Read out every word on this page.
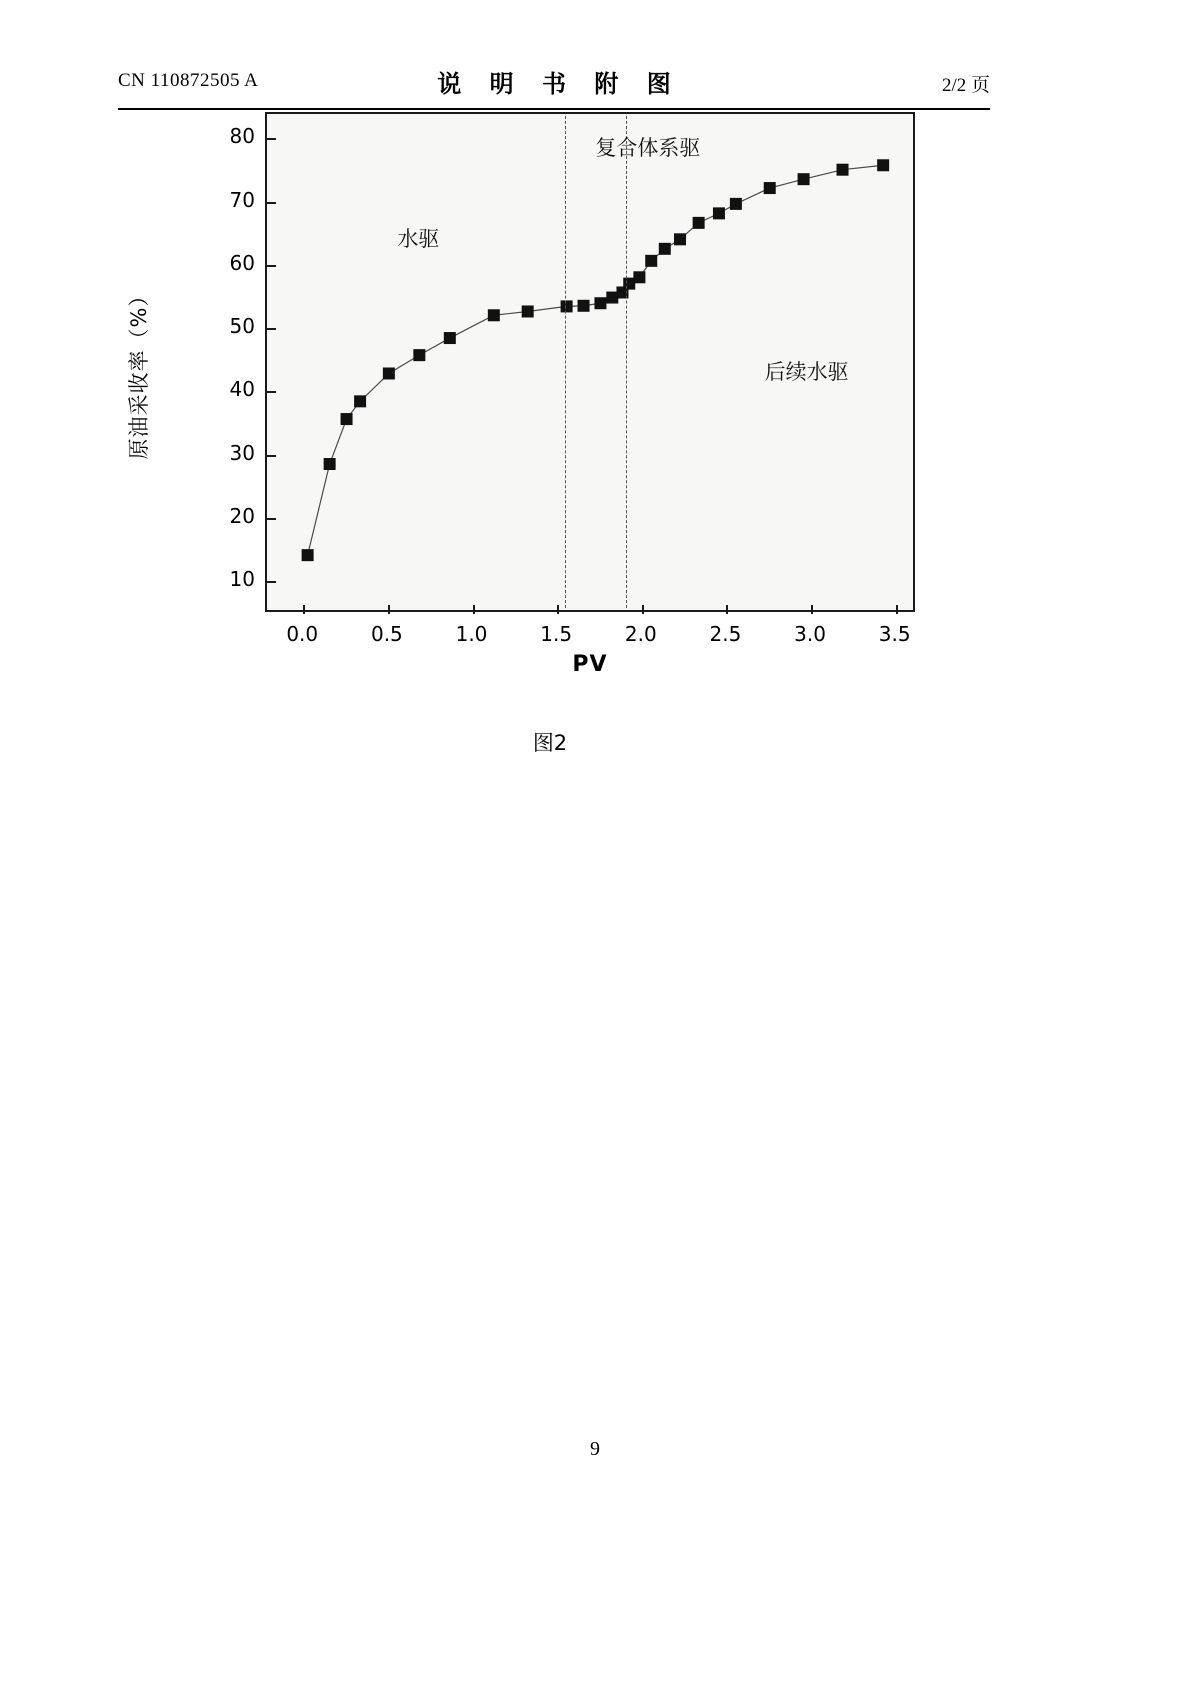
CN 110872505 A	说 明 书 附 图	2/2 页
原油采收率（%）
水驱
复合体系驱
后续水驱
PV
图2
10
20
30
40
50
60
70
80
0.0	0.5	1.0	1.5	2.0	2.5	3.0	3.5
9
